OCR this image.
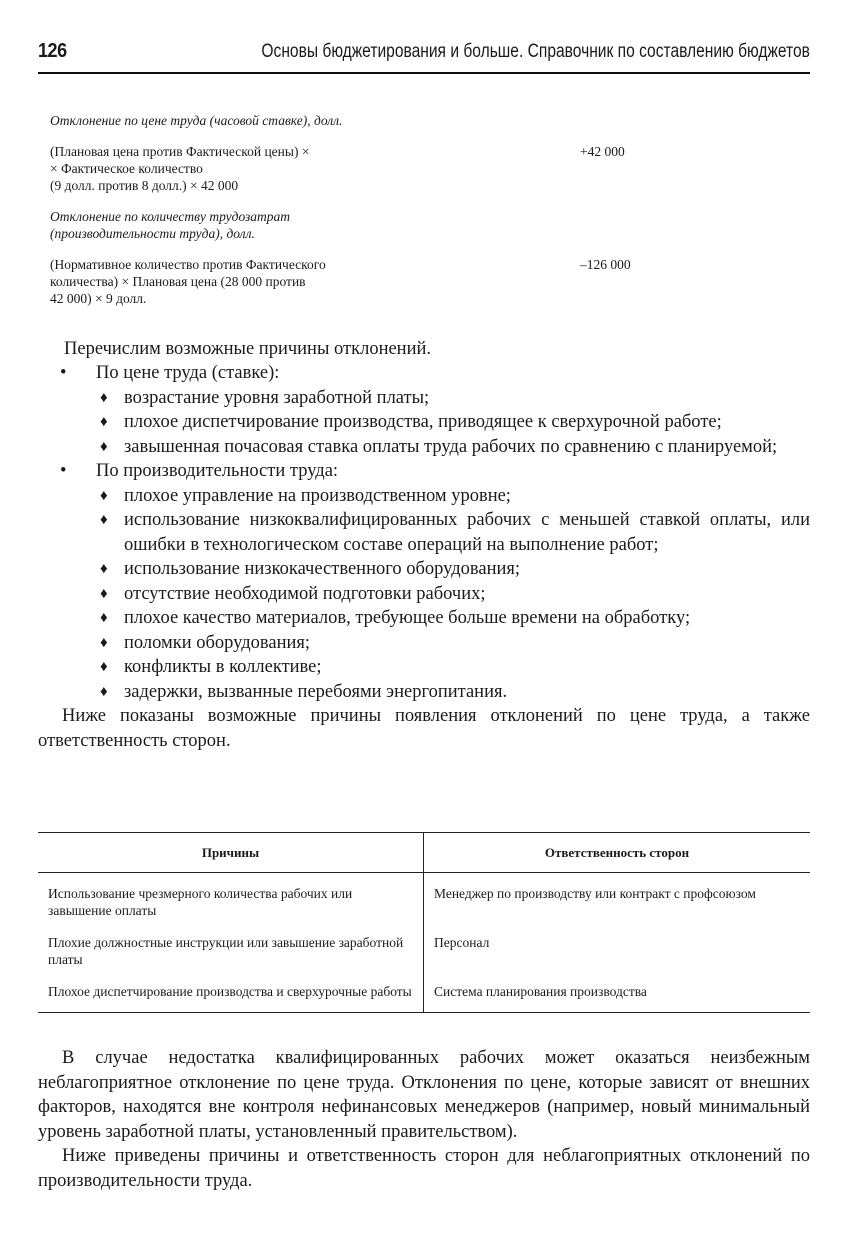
126	Основы бюджетирования и больше. Справочник по составлению бюджетов
Отклонение по цене труда (часовой ставке), долл.
(Плановая цена против Фактической цены) ×
× Фактическое количество
(9 долл. против 8 долл.) × 42 000
+42 000
Отклонение по количеству трудозатрат
(производительности труда), долл.
(Нормативное количество против Фактического
количества) × Плановая цена (28 000 против
42 000) × 9 долл.
–126 000
Перечислим возможные причины отклонений.
• По цене труда (ставке):
♦ возрастание уровня заработной платы;
♦ плохое диспетчирование производства, приводящее к сверхурочной работе;
♦ завышенная почасовая ставка оплаты труда рабочих по сравнению с планируемой;
• По производительности труда:
♦ плохое управление на производственном уровне;
♦ использование низкоквалифицированных рабочих с меньшей ставкой оплаты, или ошибки в технологическом составе операций на выполнение работ;
♦ использование низкокачественного оборудования;
♦ отсутствие необходимой подготовки рабочих;
♦ плохое качество материалов, требующее больше времени на обработку;
♦ поломки оборудования;
♦ конфликты в коллективе;
♦ задержки, вызванные перебоями энергопитания.
Ниже показаны возможные причины появления отклонений по цене труда, а также ответственность сторон.
Причины	Ответственность сторон
Использование чрезмерного количества рабочих или завышение оплаты	Менеджер по производству или контракт с профсоюзом
Плохие должностные инструкции или завышение заработной платы	Персонал
Плохое диспетчирование производства и сверхурочные работы	Система планирования производства
В случае недостатка квалифицированных рабочих может оказаться неизбежным неблагоприятное отклонение по цене труда. Отклонения по цене, которые зависят от внешних факторов, находятся вне контроля нефинансовых менеджеров (например, новый минимальный уровень заработной платы, установленный правительством).
Ниже приведены причины и ответственность сторон для неблагоприятных отклонений по производительности труда.
